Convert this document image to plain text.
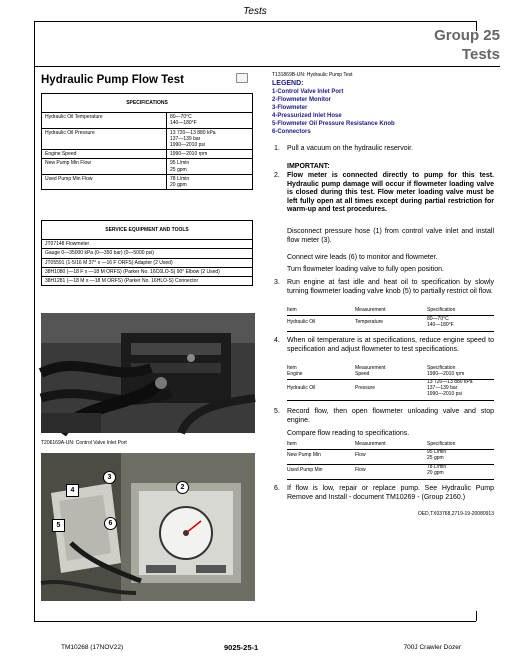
Tests
Group 25
Tests
Hydraulic Pump Flow Test
SPECIFICATIONS	
Hydraulic Oil Temperature	80—70°C
140—180°F

Hydraulic Oil Pressure	13 720—13 880 kPa
137—139 bar
1990—2010 psi

Engine Speed	1990—2010 rpm
New Pump Min Flow	95 L/min
25 gpm

Used Pump Min Flow	78 L/min
20 gpm
SERVICE EQUIPMENT AND TOOLS
JT07148 Flowmeter
Gauge 0—35000 kPa (0—350 bar) (0—5000 psi)
JT05591 (1-5/16 M 37° x —16 F ORFS) Adapter (2 Used)
38H1080 (—18 F x —18 M ORFS) (Parker No. 16C6LO-S) 90° Elbow (2 Used)
38H1281 (—18 M x —18 M ORFS) (Parker No. 16HLO-S) Connector
T206169A-UN: Control Valve Inlet Port
3
2
4
5	6
T131869B-UN: Hydraulic Pump Test
LEGEND:
1-Control Valve Inlet Port
2-Flowmeter Monitor
3-Flowmeter
4-Pressurized Inlet Hose
5-Flowmeter Oil Pressure Resistance Knob
6-Connectors
1. Pull a vacuum on the hydraulic reservoir.
IMPORTANT:
2. Flow meter is connected directly to pump for this test. Hydraulic pump damage will occur if flowmeter loading valve is closed during this test. Flow meter loading valve must be left fully open at all times except during partial restriction for warm-up and test procedures.
Disconnect pressure hose (1) from control valve inlet and install flow meter (3).
Connect wire leads (6) to monitor and flowmeter.
Turn flowmeter loading valve to fully open position.
3. Run engine at fast idle and heat oil to specification by slowly turning flowmeter loading valve knob (5) to partially restrict oil flow.
Item	Measurement	Specification
Hydraulic Oil	Temperature	80—70°C
140—180°F
4. When oil temperature is at specifications, reduce engine speed to specification and adjust flowmeter to test specifications.
Item	Measurement	Specification
Engine	Speed	1990—2010 rpm
Hydraulic Oil	Pressure
13 720—13 880 kPa
137—139 bar
1990—2010 psi
5. Record flow, then open flowmeter unloading valve and stop engine.
Compare flow reading to specifications.
Item	Measurement	Specification
New Pump Min	Flow	95 L/min
25 gpm
Used Pump Min	Flow	78 L/min
20 gpm
6. If flow is low, repair or replace pump. See Hydraulic Pump Remove and Install - document TM10269 - (Group 2160.)
OED,TX03768,2719-19-20080913
TM10268 (17NOV22)	9025-25-1	700J Crawler Dozer
